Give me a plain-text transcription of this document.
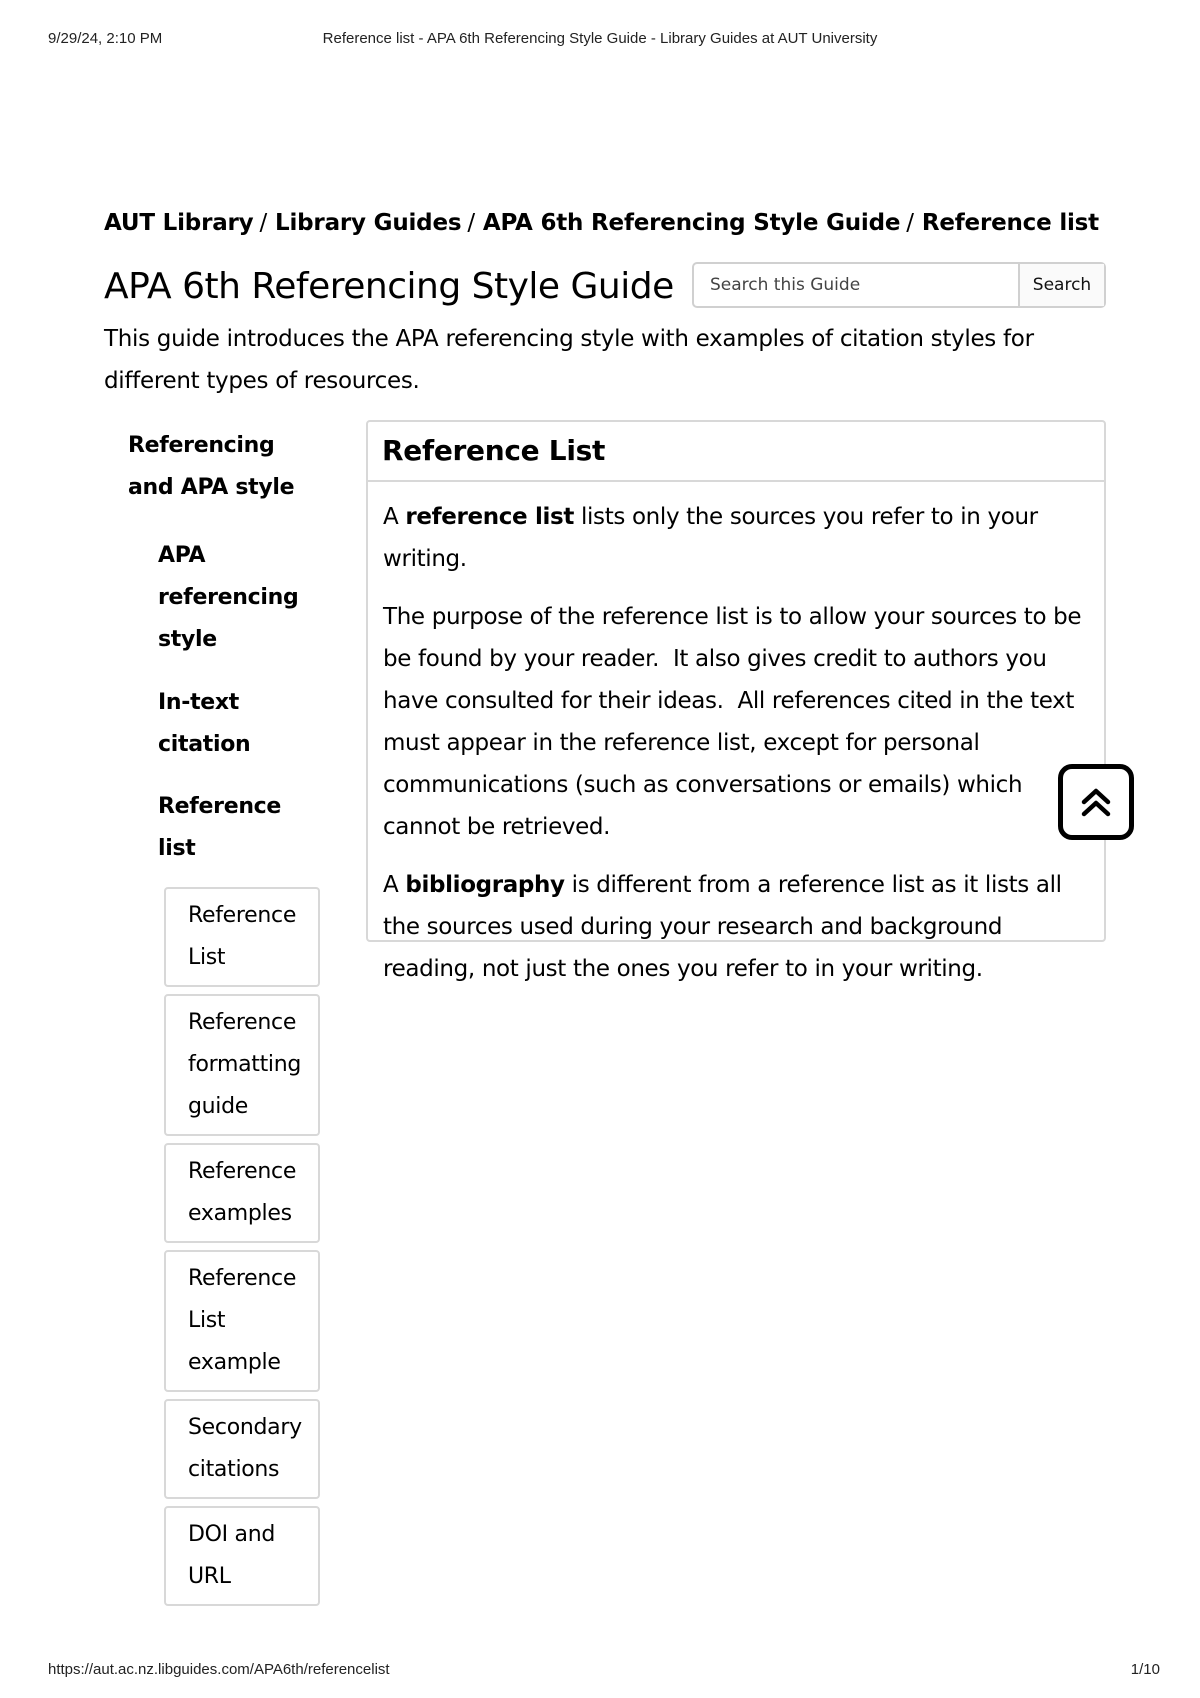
9/29/24, 2:10 PM	Reference list - APA 6th Referencing Style Guide - Library Guides at AUT University
AUT Library / Library Guides / APA 6th Referencing Style Guide / Reference list
APA 6th Referencing Style Guide
Search this Guide	Search

This guide introduces the APA referencing style with examples of citation styles for different types of resources.

Referencing and APA style
APA referencing style
In-text citation
Reference list
Reference List
Reference formatting guide
Reference examples
Reference List example
Secondary citations
DOI and URL
Reference List

A reference list lists only the sources you refer to in your writing.

The purpose of the reference list is to allow your sources to be be found by your reader.  It also gives credit to authors you have consulted for their ideas.  All references cited in the text must appear in the reference list, except for personal communications (such as conversations or emails) which cannot be retrieved.

A bibliography is different from a reference list as it lists all the sources used during your research and background reading, not just the ones you refer to in your writing.

https://aut.ac.nz.libguides.com/APA6th/referencelist	1/10
